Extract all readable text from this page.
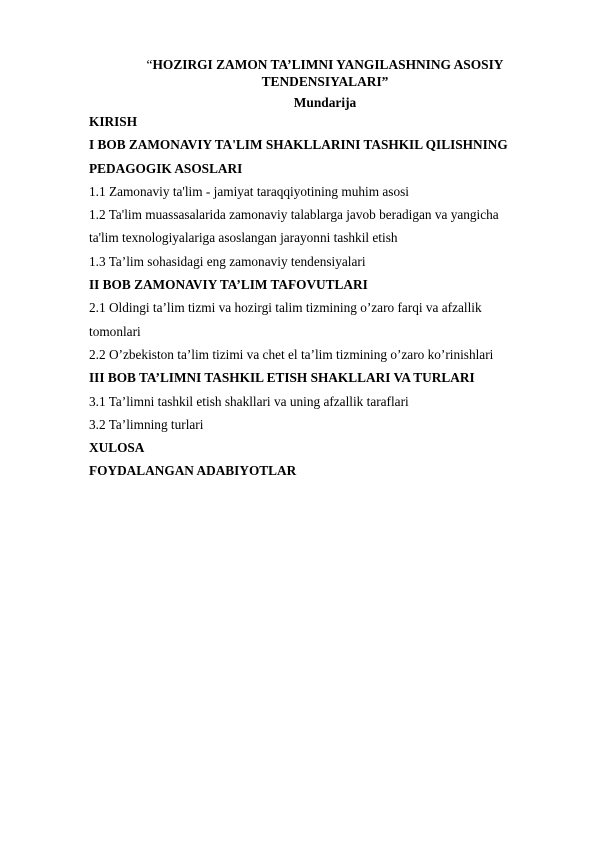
“HOZIRGI ZAMON TA’LIMNI YANGILASHNING ASOSIY
TENDENSIYALARI”
Mundarija
KIRISH
I BOB ZAMONAVIY TA'LIM SHAKLLARINI TASHKIL QILISHNING
PEDAGOGIK ASOSLARI
1.1 Zamonaviy ta'lim - jamiyat taraqqiyotining muhim asosi
1.2 Ta'lim muassasalarida zamonaviy talablarga javob beradigan va yangicha
ta'lim texnologiyalariga asoslangan jarayonni tashkil etish
1.3 Ta’lim sohasidagi eng zamonaviy tendensiyalari
II BOB ZAMONAVIY TA’LIM TAFOVUTLARI
2.1 Oldingi ta’lim tizmi va hozirgi talim tizmining o’zaro farqi va afzallik
tomonlari
2.2 O’zbekiston ta’lim tizimi va chet el ta’lim tizmining o’zaro ko’rinishlari
III BOB TA’LIMNI TASHKIL ETISH SHAKLLARI VA TURLARI
3.1 Ta’limni tashkil etish shakllari va uning afzallik taraflari
3.2 Ta’limning turlari
XULOSA
FOYDALANGAN ADABIYOTLAR
